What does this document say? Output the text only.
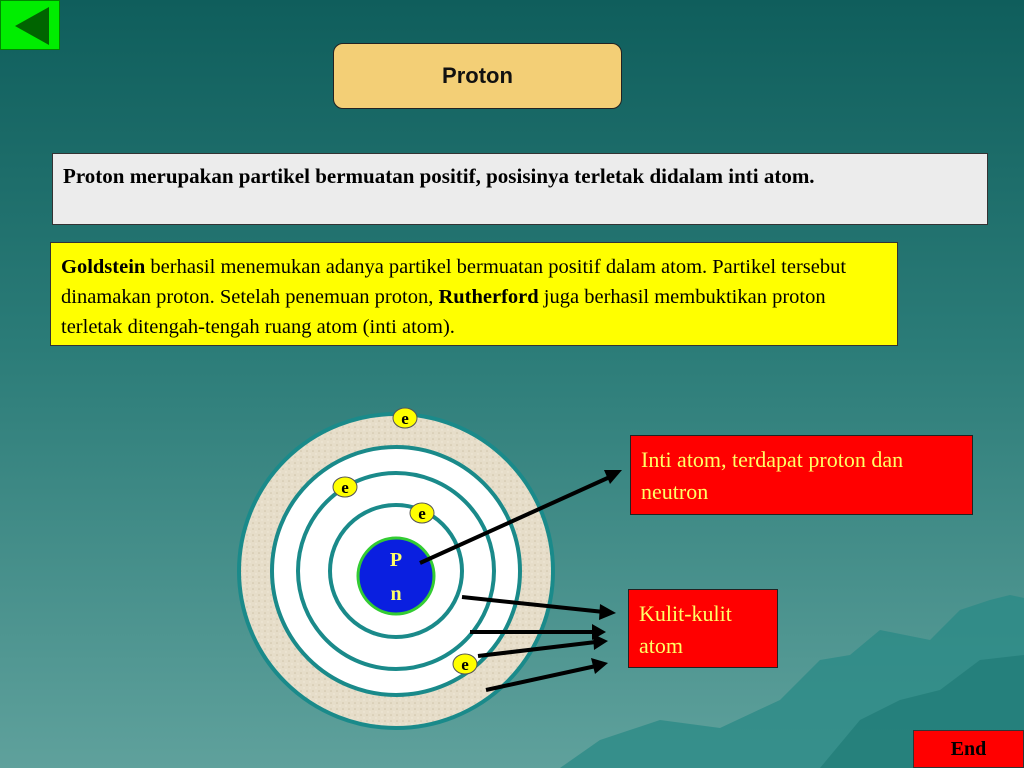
Proton
Proton merupakan partikel bermuatan positif, posisinya terletak didalam inti atom.
Goldstein berhasil menemukan adanya partikel bermuatan positif dalam atom. Partikel tersebut dinamakan proton. Setelah penemuan proton, Rutherford juga berhasil membuktikan proton terletak ditengah-tengah ruang atom (inti atom).
P
n
e
e
e
e
Inti atom, terdapat proton dan neutron
Kulit-kulit atom
End
